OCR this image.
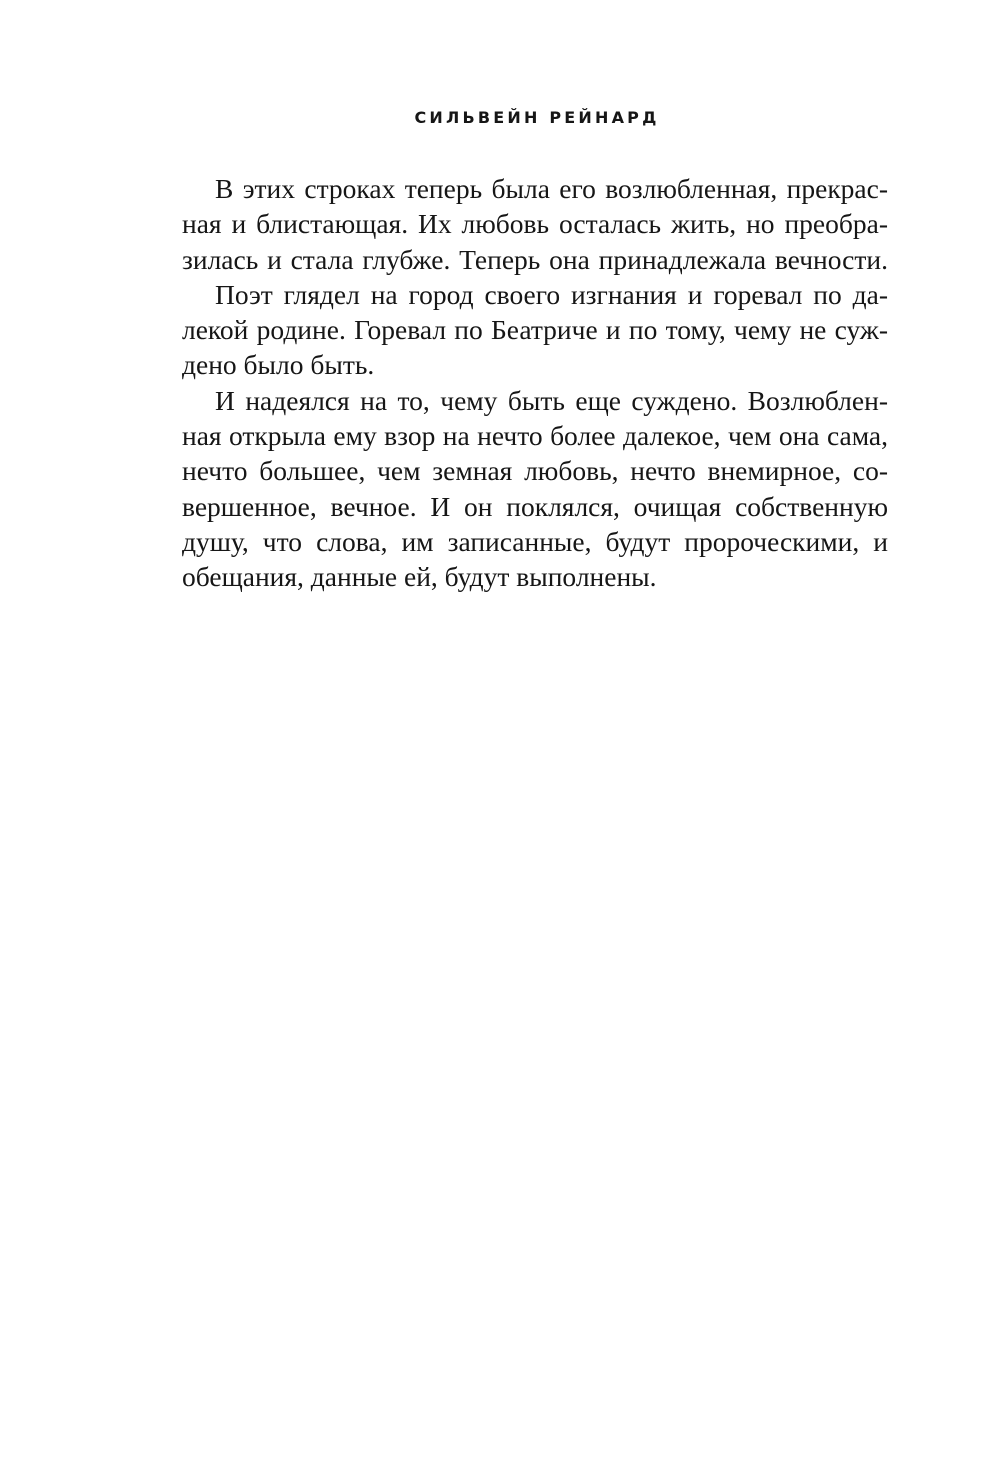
СИЛЬВЕЙН РЕЙНАРД
В этих строках теперь была его возлюбленная, прекрас-
ная и блистающая. Их любовь осталась жить, но преобра-
зилась и стала глубже. Теперь она принадлежала вечности.
Поэт глядел на город своего изгнания и горевал по да-
лекой родине. Горевал по Беатриче и по тому, чему не суж-
дено было быть.
И надеялся на то, чему быть еще суждено. Возлюблен-
ная открыла ему взор на нечто более далекое, чем она сама,
нечто большее, чем земная любовь, нечто внемирное, со-
вершенное, вечное. И он поклялся, очищая собственную
душу, что слова, им записанные, будут пророческими, и
обещания, данные ей, будут выполнены.
